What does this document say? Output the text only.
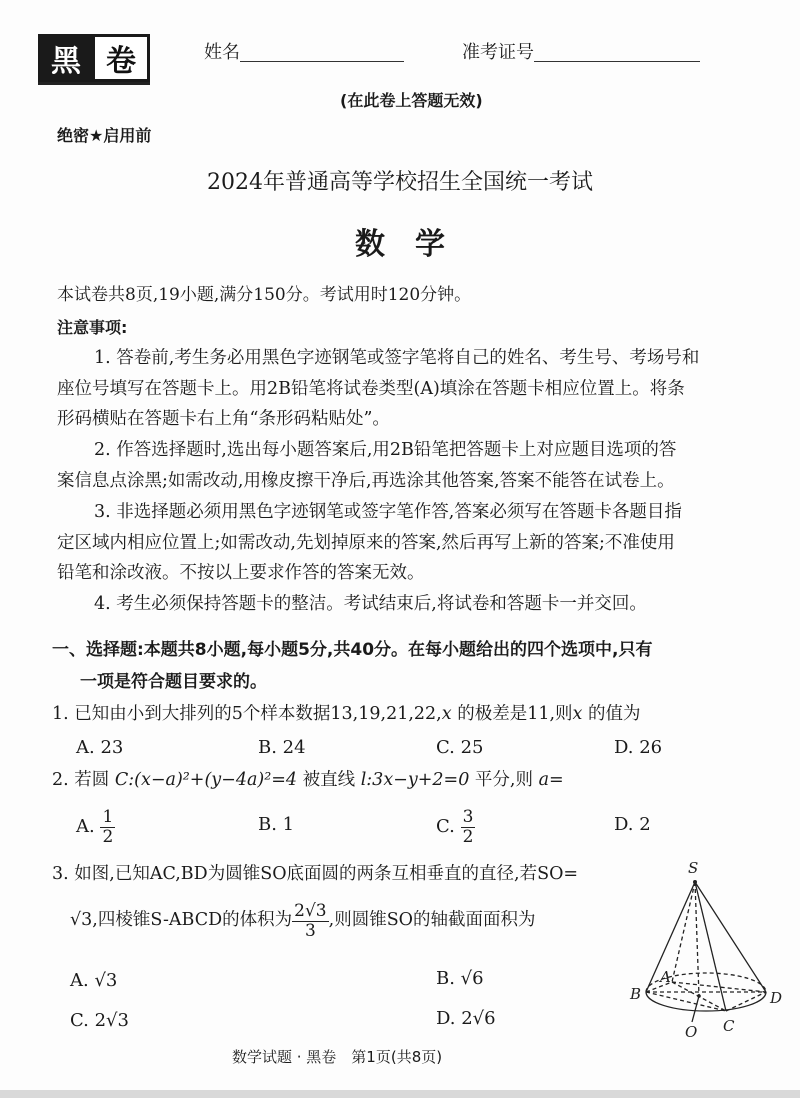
黑 卷	姓名	准考证号
(在此卷上答题无效)
绝密★启用前
2024年普通高等学校招生全国统一考试
数　学
本试卷共8页,19小题,满分150分。考试用时120分钟。
注意事项:
1. 答卷前,考生务必用黑色字迹钢笔或签字笔将自己的姓名、考生号、考场号和
座位号填写在答题卡上。用2B铅笔将试卷类型(A)填涂在答题卡相应位置上。将条
形码横贴在答题卡右上角“条形码粘贴处”。
2. 作答选择题时,选出每小题答案后,用2B铅笔把答题卡上对应题目选项的答
案信息点涂黑;如需改动,用橡皮擦干净后,再选涂其他答案,答案不能答在试卷上。
3. 非选择题必须用黑色字迹钢笔或签字笔作答,答案必须写在答题卡各题目指
定区域内相应位置上;如需改动,先划掉原来的答案,然后再写上新的答案;不准使用
铅笔和涂改液。不按以上要求作答的答案无效。
4. 考生必须保持答题卡的整洁。考试结束后,将试卷和答题卡一并交回。
一、选择题:本题共8小题,每小题5分,共40分。在每小题给出的四个选项中,只有
一项是符合题目要求的。
1. 已知由小到大排列的5个样本数据13,19,21,22,x 的极差是11,则x 的值为
A. 23	B. 24	C. 25	D. 26
2. 若圆 C:(x−a)²+(y−4a)²=4 被直线 l:3x−y+2=0 平分,则 a=
A. $\frac{1}{2}$	B. 1	C. $\frac{3}{2}$	D. 2
3. 如图,已知AC,BD为圆锥SO底面圆的两条互相垂直的直径,若SO=
√3 ,四棱锥S-ABCD的体积为 $\frac{2√3}{3}$ ,则圆锥SO的轴截面面积为
A. √3	B. √6
C. 2√3	D. 2√6
S
A
B	D
C
O
数学试题 · 黑卷　第1页(共8页)
